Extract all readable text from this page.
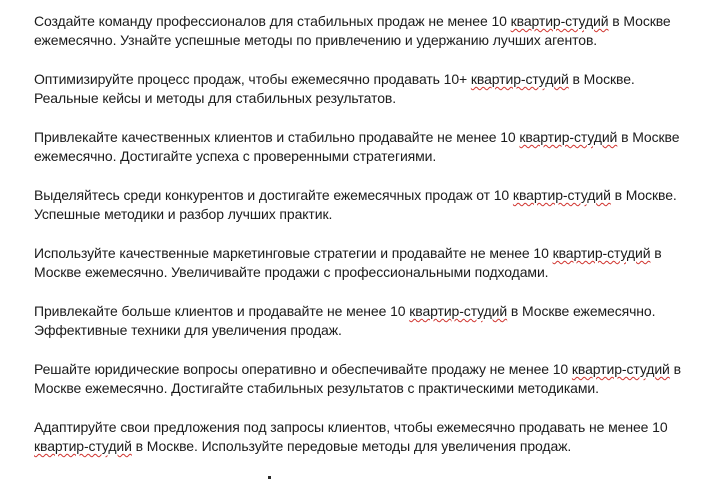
Создайте команду профессионалов для стабильных продаж не менее 10 квартир-студий в Москве ежемесячно. Узнайте успешные методы по привлечению и удержанию лучших агентов.

Оптимизируйте процесс продаж, чтобы ежемесячно продавать 10+ квартир-студий в Москве. Реальные кейсы и методы для стабильных результатов.

Привлекайте качественных клиентов и стабильно продавайте не менее 10 квартир-студий в Москве ежемесячно. Достигайте успеха с проверенными стратегиями.

Выделяйтесь среди конкурентов и достигайте ежемесячных продаж от 10 квартир-студий в Москве. Успешные методики и разбор лучших практик.

Используйте качественные маркетинговые стратегии и продавайте не менее 10 квартир-студий в Москве ежемесячно. Увеличивайте продажи с профессиональными подходами.

Привлекайте больше клиентов и продавайте не менее 10 квартир-студий в Москве ежемесячно. Эффективные техники для увеличения продаж.

Решайте юридические вопросы оперативно и обеспечивайте продажу не менее 10 квартир-студий в Москве ежемесячно. Достигайте стабильных результатов с практическими методиками.

Адаптируйте свои предложения под запросы клиентов, чтобы ежемесячно продавать не менее 10 квартир-студий в Москве. Используйте передовые методы для увеличения продаж.
